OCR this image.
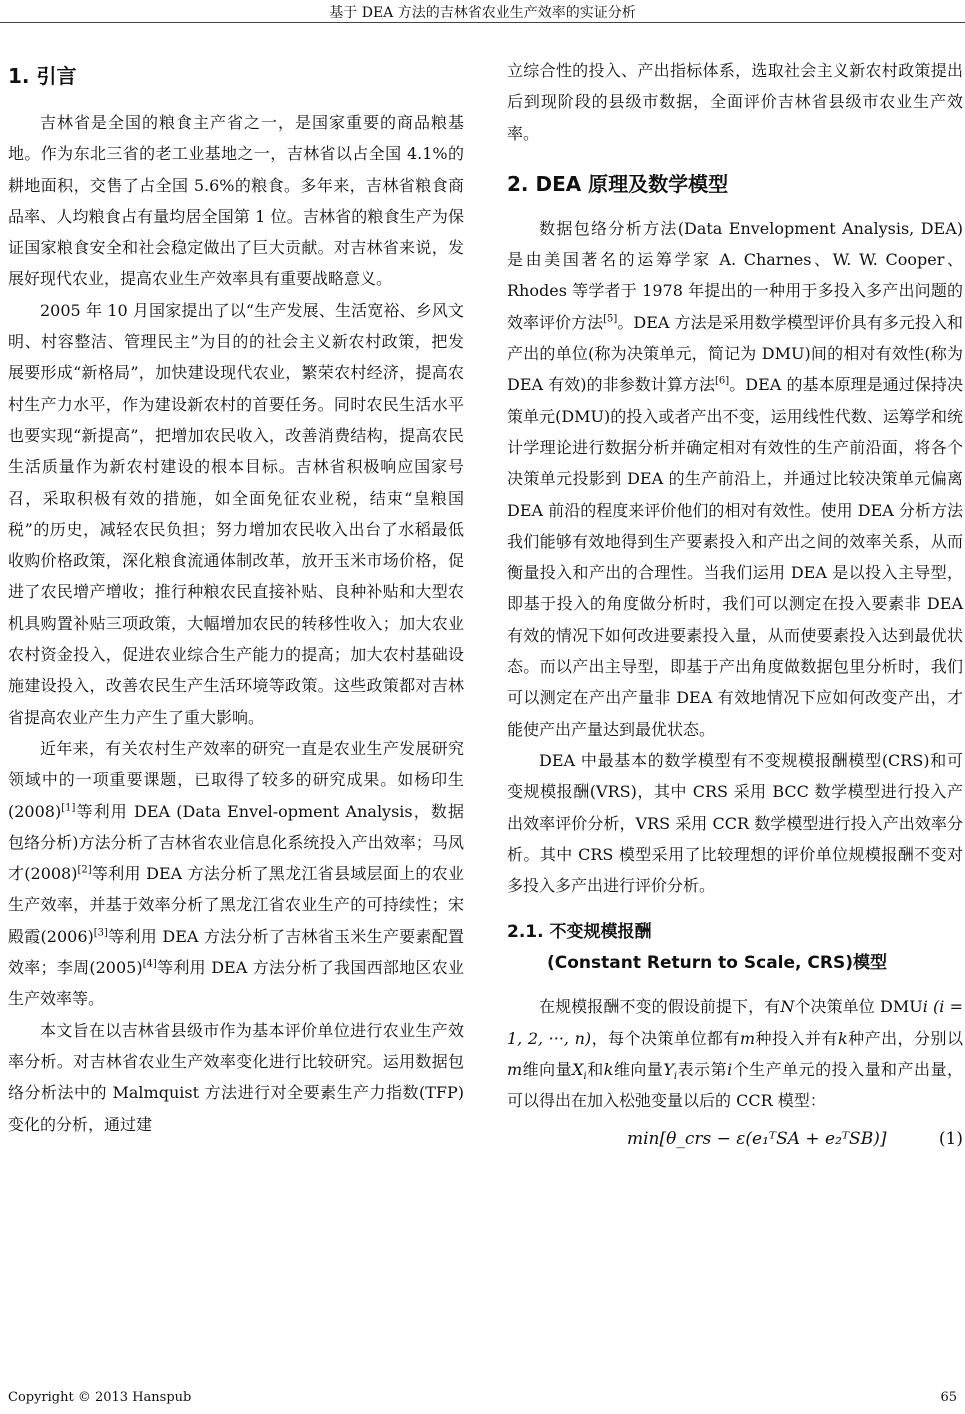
基于 DEA 方法的吉林省农业生产效率的实证分析
1. 引言

吉林省是全国的粮食主产省之一，是国家重要的商品粮基地。作为东北三省的老工业基地之一，吉林省以占全国 4.1%的耕地面积，交售了占全国 5.6%的粮食。多年来，吉林省粮食商品率、人均粮食占有量均居全国第 1 位。吉林省的粮食生产为保证国家粮食安全和社会稳定做出了巨大贡献。对吉林省来说，发展好现代农业，提高农业生产效率具有重要战略意义。

2005 年 10 月国家提出了以“生产发展、生活宽裕、乡风文明、村容整洁、管理民主”为目的的社会主义新农村政策，把发展要形成“新格局”，加快建设现代农业，繁荣农村经济，提高农村生产力水平，作为建设新农村的首要任务。同时农民生活水平也要实现“新提高”，把增加农民收入，改善消费结构，提高农民生活质量作为新农村建设的根本目标。吉林省积极响应国家号召，采取积极有效的措施，如全面免征农业税，结束“皇粮国税”的历史，减轻农民负担；努力增加农民收入出台了水稻最低收购价格政策，深化粮食流通体制改革，放开玉米市场价格，促进了农民增产增收；推行种粮农民直接补贴、良种补贴和大型农机具购置补贴三项政策，大幅增加农民的转移性收入；加大农业农村资金投入，促进农业综合生产能力的提高；加大农村基础设施建设投入，改善农民生产生活环境等政策。这些政策都对吉林省提高农业产生力产生了重大影响。

近年来，有关农村生产效率的研究一直是农业生产发展研究领域中的一项重要课题，已取得了较多的研究成果。如杨印生(2008)[1]等利用 DEA (Data Envel-opment Analysis，数据包络分析)方法分析了吉林省农业信息化系统投入产出效率；马凤才(2008)[2]等利用 DEA 方法分析了黑龙江省县域层面上的农业生产效率，并基于效率分析了黑龙江省农业生产的可持续性；宋殿霞(2006)[3]等利用 DEA 方法分析了吉林省玉米生产要素配置效率；李周(2005)[4]等利用 DEA 方法分析了我国西部地区农业生产效率等。

本文旨在以吉林省县级市作为基本评价单位进行农业生产效率分析。对吉林省农业生产效率变化进行比较研究。运用数据包络分析法中的 Malmquist 方法进行对全要素生产力指数(TFP)变化的分析，通过建

立综合性的投入、产出指标体系，选取社会主义新农村政策提出后到现阶段的县级市数据，全面评价吉林省县级市农业生产效率。

2. DEA 原理及数学模型

数据包络分析方法(Data Envelopment Analysis, DEA)是由美国著名的运筹学家 A. Charnes、W. W. Cooper、Rhodes 等学者于 1978 年提出的一种用于多投入多产出问题的效率评价方法[5]。DEA 方法是采用数学模型评价具有多元投入和产出的单位(称为决策单元，简记为 DMU)间的相对有效性(称为 DEA 有效)的非参数计算方法[6]。DEA 的基本原理是通过保持决策单元(DMU)的投入或者产出不变，运用线性代数、运筹学和统计学理论进行数据分析并确定相对有效性的生产前沿面，将各个决策单元投影到 DEA 的生产前沿上，并通过比较决策单元偏离 DEA 前沿的程度来评价他们的相对有效性。使用 DEA 分析方法我们能够有效地得到生产要素投入和产出之间的效率关系，从而衡量投入和产出的合理性。当我们运用 DEA 是以投入主导型，即基于投入的角度做分析时，我们可以测定在投入要素非 DEA 有效的情况下如何改进要素投入量，从而使要素投入达到最优状态。而以产出主导型，即基于产出角度做数据包里分析时，我们可以测定在产出产量非 DEA 有效地情况下应如何改变产出，才能使产出产量达到最优状态。

DEA 中最基本的数学模型有不变规模报酬模型(CRS)和可变规模报酬(VRS)，其中 CRS 采用 BCC 数学模型进行投入产出效率评价分析，VRS 采用 CCR 数学模型进行投入产出效率分析。其中 CRS 模型采用了比较理想的评价单位规模报酬不变对多投入多产出进行评价分析。

2.1. 不变规模报酬
(Constant Return to Scale, CRS)模型

在规模报酬不变的假设前提下，有N个决策单位 DMUi (i = 1, 2, ···, n)，每个决策单位都有m种投入并有k种产出，分别以m维向量$X_i$和k维向量$Y_i$表示第i个生产单元的投入量和产出量，可以得出在加入松弛变量以后的 CCR 模型：

min[θ_crs − ε(e₁ᵀSA + e₂ᵀSB)]	(1)
Copyright © 2013 Hanspub	65
